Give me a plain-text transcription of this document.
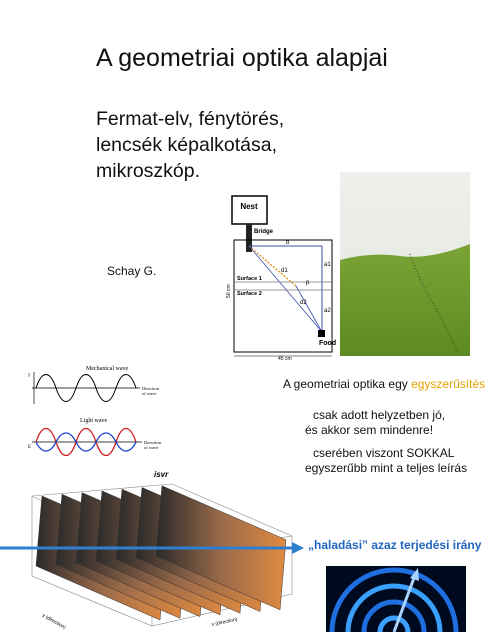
A geometriai optika alapjai
Fermat-elv, fénytörés,
lencsék képalkotása,
mikroszkóp.
Schay G.
Nest
Bridge
b
Surface 1
Surface 2
d1
d2
p
a1
a2
50 cm
Food
45 cm
Mechanical wave
y
Direction
of wave
Light wave
E
Direction
of wave
A geometriai optika egy egyszerűsítés
csak adott helyzetben jó,
és akkor sem mindenre!
cserében viszont SOKKAL
egyszerűbb mint a teljes leírás
isvr
y (direction)	x (direction)
„haladási” azaz terjedési irány
